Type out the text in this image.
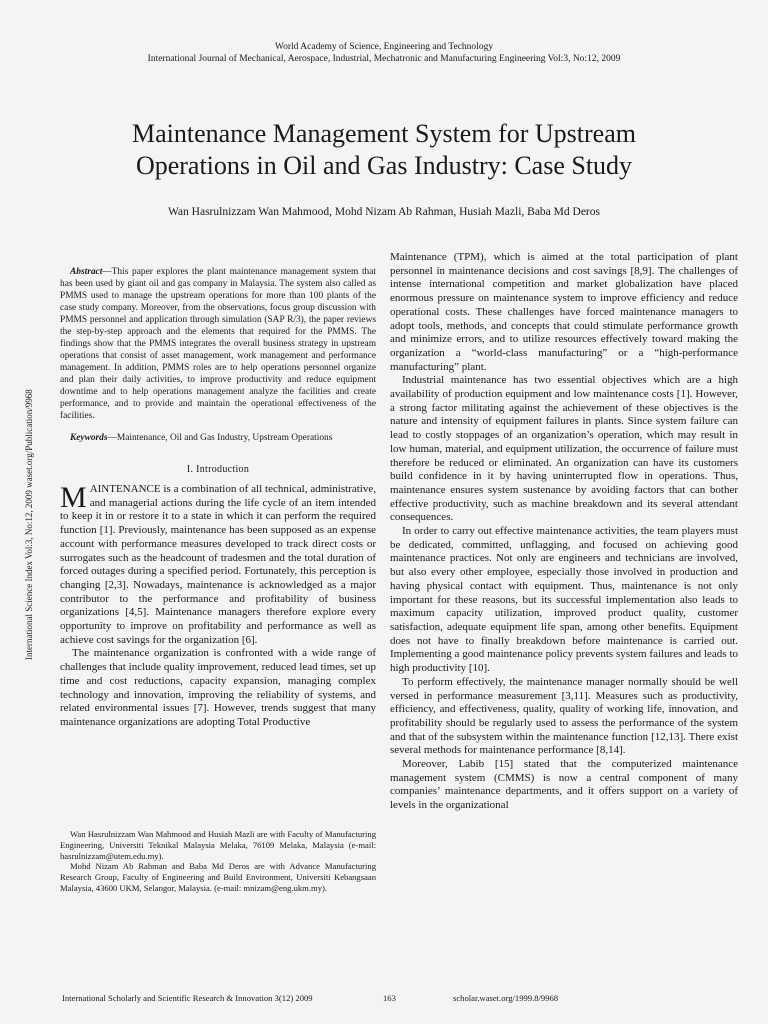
World Academy of Science, Engineering and Technology
International Journal of Mechanical, Aerospace, Industrial, Mechatronic and Manufacturing Engineering Vol:3, No:12, 2009
Maintenance Management System for Upstream
Operations in Oil and Gas Industry: Case Study
Wan Hasrulnizzam Wan Mahmood, Mohd Nizam Ab Rahman, Husiah Mazli, Baba Md Deros
International Science Index Vol:3, No:12, 2009 waset.org/Publication/9968

Abstract—This paper explores the plant maintenance management system that has been used by giant oil and gas company in Malaysia. The system also called as PMMS used to manage the upstream operations for more than 100 plants of the case study company. Moreover, from the observations, focus group discussion with PMMS personnel and application through simulation (SAP R/3), the paper reviews the step-by-step approach and the elements that required for the PMMS. The findings show that the PMMS integrates the overall business strategy in upstream operations that consist of asset management, work management and performance management. In addition, PMMS roles are to help operations personnel organize and plan their daily activities, to improve productivity and reduce equipment downtime and to help operations management analyze the facilities and create performance, and to provide and maintain the operational effectiveness of the facilities.

Keywords—Maintenance, Oil and Gas Industry, Upstream Operations

I. Introduction

MAINTENANCE is a combination of all technical, administrative, and managerial actions during the life cycle of an item intended to keep it in or restore it to a state in which it can perform the required function [1]. Previously, maintenance has been supposed as an expense account with performance measures developed to track direct costs or surrogates such as the headcount of tradesmen and the total duration of forced outages during a specified period. Fortunately, this perception is changing [2,3]. Nowadays, maintenance is acknowledged as a major contributor to the performance and profitability of business organizations [4,5]. Maintenance managers therefore explore every opportunity to improve on profitability and performance as well as achieve cost savings for the organization [6].

The maintenance organization is confronted with a wide range of challenges that include quality improvement, reduced lead times, set up time and cost reductions, capacity expansion, managing complex technology and innovation, improving the reliability of systems, and related environmental issues [7]. However, trends suggest that many maintenance organizations are adopting Total Productive

Wan Hasrulnizzam Wan Mahmood and Husiah Mazli are with Faculty of Manufacturing Engineering, Universiti Teknikal Malaysia Melaka, 76109 Melaka, Malaysia (e-mail: hasrulnizzam@utem.edu.my).

Mohd Nizam Ab Rahman and Baba Md Deros are with Advance Manufacturing Research Group, Faculty of Engineering and Build Environment, Universiti Kebangsaan Malaysia, 43600 UKM, Selangor, Malaysia. (e-mail: mnizam@eng.ukm.my).

Maintenance (TPM), which is aimed at the total participation of plant personnel in maintenance decisions and cost savings [8,9]. The challenges of intense international competition and market globalization have placed enormous pressure on maintenance system to improve efficiency and reduce operational costs. These challenges have forced maintenance managers to adopt tools, methods, and concepts that could stimulate performance growth and minimize errors, and to utilize resources effectively toward making the organization a “world-class manufacturing” or a “high-performance manufacturing” plant.

Industrial maintenance has two essential objectives which are a high availability of production equipment and low maintenance costs [1]. However, a strong factor militating against the achievement of these objectives is the nature and intensity of equipment failures in plants. Since system failure can lead to costly stoppages of an organization’s operation, which may result in low human, material, and equipment utilization, the occurrence of failure must therefore be reduced or eliminated. An organization can have its customers build confidence in it by having uninterrupted flow in operations. Thus, maintenance ensures system sustenance by avoiding factors that can bother effective productivity, such as machine breakdown and its several attendant consequences.

In order to carry out effective maintenance activities, the team players must be dedicated, committed, unflagging, and focused on achieving good maintenance practices. Not only are engineers and technicians are involved, but also every other employee, especially those involved in production and having physical contact with equipment. Thus, maintenance is not only important for these reasons, but its successful implementation also leads to maximum capacity utilization, improved product quality, customer satisfaction, adequate equipment life span, among other benefits. Equipment does not have to finally breakdown before maintenance is carried out. Implementing a good maintenance policy prevents system failures and leads to high productivity [10].

To perform effectively, the maintenance manager normally should be well versed in performance measurement [3,11]. Measures such as productivity, efficiency, and effectiveness, quality, quality of working life, innovation, and profitability should be regularly used to assess the performance of the system and that of the subsystem within the maintenance function [12,13]. There exist several methods for maintenance performance [8,14].

Moreover, Labib [15] stated that the computerized maintenance management system (CMMS) is now a central component of many companies’ maintenance departments, and it offers support on a variety of levels in the organizational

International Scholarly and Scientific Research & Innovation 3(12) 2009	163	scholar.waset.org/1999.8/9968
